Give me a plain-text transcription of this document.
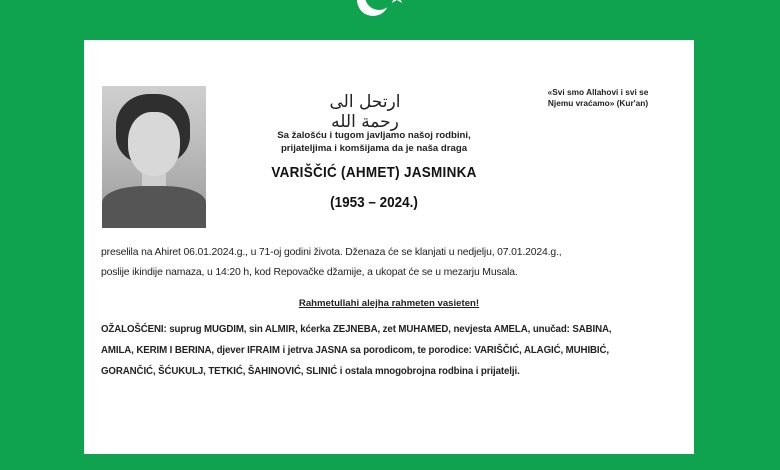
ارتحل الى رحمة الله
«Svi smo Allahovi i svi se
Njemu vraćamo» (Kur'an)
Sa žalošću i tugom javljamo našoj rodbini,
prijateljima i komšijama da je naša draga
VARIŠČIĆ (AHMET) JASMINKA
(1953 – 2024.)
preselila na Ahiret 06.01.2024.g., u 71-oj godini života. Dženaza će se klanjati u nedjelju, 07.01.2024.g.,
poslije ikindije namaza, u 14:20 h, kod Repovačke džamije, a ukopat će se u mezarju Musala.
Rahmetullahi alejha rahmeten vasieten!
OŽALOŠĆENI: suprug MUGDIM, sin ALMIR, kćerka ZEJNEBA, zet MUHAMED, nevjesta AMELA, unučad: SABINA,
AMILA, KERIM I BERINA, djever IFRAIM i jetrva JASNA sa porodicom, te porodice: VARIŠČIĆ, ALAGIĆ, MUHIBIĆ,
GORANČIĆ, ŠĆUKULJ, TETKIĆ, ŠAHINOVIĆ, SLINIĆ i ostala mnogobrojna rodbina i prijatelji.
